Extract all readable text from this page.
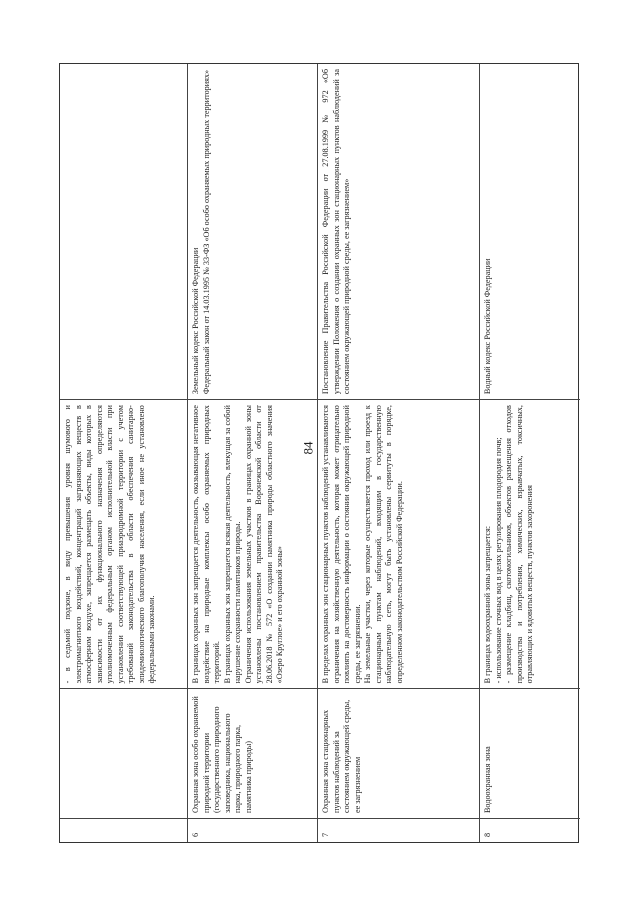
84

- в седьмой подзоне, в виду превышения уровня шумового и электромагнитного воздействий, концентраций загрязняющих веществ в атмосферном воздухе, запрещается размещать объекты, виды которых в зависимости от их функционального назначения определяются уполномоченным федеральным органом исполнительной власти при установлении соответствующей приаэродромной территории с учетом требований законодательства в области обеспечения санитарно-эпидемиологического благополучия населения, если иное не установлено федеральными законами.

6
Охранная зона особо охраняемой природной территории (государственного природного заповедника, национального парка, природного парка, памятника природы)

В границах охранных зон запрещается деятельность, оказывающая негативное воздействие на природные комплексы особо охраняемых природных территорий. В границах охранных зон запрещается всякая деятельность, влекущая за собой нарушение сохранности памятников природы. Ограничения использования земельных участков в границах охранной зоны установлены постановлением правительства Воронежской области от 28.06.2018 № 572 «О создании памятника природы областного значения «Озеро Круглое» и его охранной зоны»

Земельный кодекс Российской Федерации Федеральный закон от 14.03.1995 № 33-ФЗ «Об особо охраняемых природных территориях»

7
Охранная зона стационарных пунктов наблюдений за состоянием окружающей среды, ее загрязнением

В пределах охранных зон стационарных пунктов наблюдений устанавливаются ограничения на хозяйственную деятельность, которая может отрицательно повлиять на достоверность информации о состоянии окружающей природной среды, ее загрязнении. На земельные участки, через которые осуществляется проход или проезд к стационарным пунктам наблюдений, входящим в государственную наблюдательную сеть, могут быть установлены сервитуты в порядке, определенном законодательством Российской Федерации.

Постановление Правительства Российской Федерации от 27.08.1999 № 972 «Об утверждении Положения о создании охранных зон стационарных пунктов наблюдений за состоянием окружающей природной среды, ее загрязнением»

8
Водоохранная зона

В границах водоохранной зоны запрещается: - использование сточных вод в целях регулирования плодородия почв; - размещение кладбищ, скотомогильников, объектов размещения отходов производства и потребления, химических, взрывчатых, токсичных, отравляющих и ядовитых веществ, пунктов захоронения

Водный кодекс Российской Федерации
